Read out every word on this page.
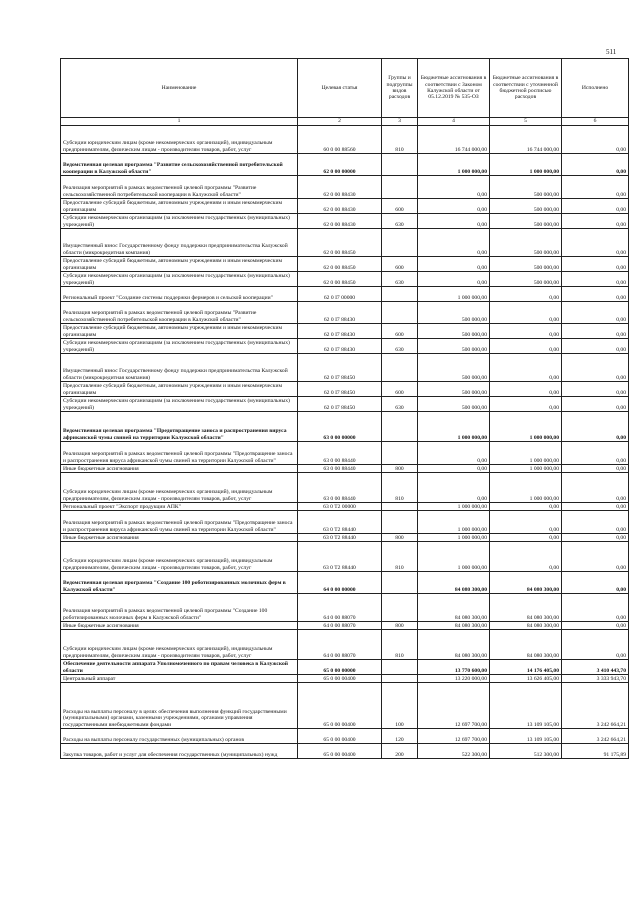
511
Наименование	Целевая статья	Группы и подгруппы видов расходов	Бюджетные ассигнования в соответствии с Законом Калужской области от 05.12.2019 № 535-ОЗ	Бюджетные ассигнования в соответствии с уточненной бюджетной росписью расходов	Исполнено
1	2	3	4	5	6
Субсидии юридическим лицам (кроме некоммерческих организаций), индивидуальным предпринимателям, физическим лицам - производителям товаров, работ, услуг	60 0 00 88560	810	16 744 000,00	16 744 000,00	0,00
Ведомственная целевая программа "Развитие сельскохозяйственной потребительской кооперации в Калужской области"	62 0 00 00000		1 000 000,00	1 000 000,00	0,00
Реализация мероприятий в рамках ведомственной целевой программы "Развитие сельскохозяйственной потребительской кооперации в Калужской области"	62 0 00 88430		0,00	500 000,00	0,00
Предоставление субсидий бюджетным, автономным учреждениям и иным некоммерческим организациям	62 0 00 88430	600	0,00	500 000,00	0,00
Субсидии некоммерческим организациям (за исключением государственных (муниципальных) учреждений)	62 0 00 88430	630	0,00	500 000,00	0,00
Имущественный взнос Государственному фонду поддержки предпринимательства Калужской области (микрокредитная компания)	62 0 00 88450		0,00	500 000,00	0,00
Предоставление субсидий бюджетным, автономным учреждениям и иным некоммерческим организациям	62 0 00 88450	600	0,00	500 000,00	0,00
Субсидии некоммерческим организациям (за исключением государственных (муниципальных) учреждений)	62 0 00 88450	630	0,00	500 000,00	0,00
Региональный проект "Создание системы поддержки фермеров и сельской кооперации"	62 0 I7 00000		1 000 000,00	0,00	0,00
Реализация мероприятий в рамках ведомственной целевой программы "Развитие сельскохозяйственной потребительской кооперации в Калужской области"	62 0 I7 88430		500 000,00	0,00	0,00
Предоставление субсидий бюджетным, автономным учреждениям и иным некоммерческим организациям	62 0 I7 88430	600	500 000,00	0,00	0,00
Субсидии некоммерческим организациям (за исключением государственных (муниципальных) учреждений)	62 0 I7 88430	630	500 000,00	0,00	0,00
Имущественный взнос Государственному фонду поддержки предпринимательства Калужской области (микрокредитная компания)	62 0 I7 88450		500 000,00	0,00	0,00
Предоставление субсидий бюджетным, автономным учреждениям и иным некоммерческим организациям	62 0 I7 88450	600	500 000,00	0,00	0,00
Субсидии некоммерческим организациям (за исключением государственных (муниципальных) учреждений)	62 0 I7 88450	630	500 000,00	0,00	0,00
Ведомственная целевая программа "Предотвращение заноса и распространения вируса африканской чумы свиней на территории Калужской области"	63 0 00 00000		1 000 000,00	1 000 000,00	0,00
Реализация мероприятий в рамках ведомственной целевой программы "Предотвращение заноса и распространения вируса африканской чумы свиней на территории Калужской области"	63 0 00 88440		0,00	1 000 000,00	0,00
Иные бюджетные ассигнования	63 0 00 88440	800	0,00	1 000 000,00	0,00
Субсидии юридическим лицам (кроме некоммерческих организаций), индивидуальным предпринимателям, физическим лицам - производителям товаров, работ, услуг	63 0 00 88440	810	0,00	1 000 000,00	0,00
Региональный проект "Экспорт продукции АПК"	63 0 T2 00000		1 000 000,00	0,00	0,00
Реализация мероприятий в рамках ведомственной целевой программы "Предотвращение заноса и распространения вируса африканской чумы свиней на территории Калужской области"	63 0 T2 88440		1 000 000,00	0,00	0,00
Иные бюджетные ассигнования	63 0 T2 88440	800	1 000 000,00	0,00	0,00
Субсидии юридическим лицам (кроме некоммерческих организаций), индивидуальным предпринимателям, физическим лицам - производителям товаров, работ, услуг	63 0 T2 88440	810	1 000 000,00	0,00	0,00
Ведомственная целевая программа "Создание 100 роботизированных молочных ферм в Калужской области"	64 0 00 00000		84 080 300,00	84 080 300,00	0,00
Реализация мероприятий в рамках ведомственной целевой программы "Создание 100 роботизированных молочных ферм в Калужской области"	64 0 00 88070		84 080 300,00	84 080 300,00	0,00
Иные бюджетные ассигнования	64 0 00 88070	800	84 080 300,00	84 080 300,00	0,00
Субсидии юридическим лицам (кроме некоммерческих организаций), индивидуальным предпринимателям, физическим лицам - производителям товаров, работ, услуг	64 0 00 88070	810	84 080 300,00	84 080 300,00	0,00
Обеспечение деятельности аппарата Уполномоченного по правам человека в Калужской области	65 0 00 00000		13 770 600,00	14 176 405,00	3 410 443,70
Центральный аппарат	65 0 00 00400		13 220 000,00	13 626 405,00	3 333 943,70
Расходы на выплаты персоналу в целях обеспечения выполнения функций государственными (муниципальными) органами, казенными учреждениями, органами управления государственными внебюджетными фондами	65 0 00 00400	100	12 697 700,00	13 109 105,00	3 242 664,21
Расходы на выплаты персоналу государственных (муниципальных) органов	65 0 00 00400	120	12 697 700,00	13 109 105,00	3 242 664,21
Закупка товаров, работ и услуг для обеспечения государственных (муниципальных) нужд	65 0 00 00400	200	522 300,00	512 300,00	91 175,89
